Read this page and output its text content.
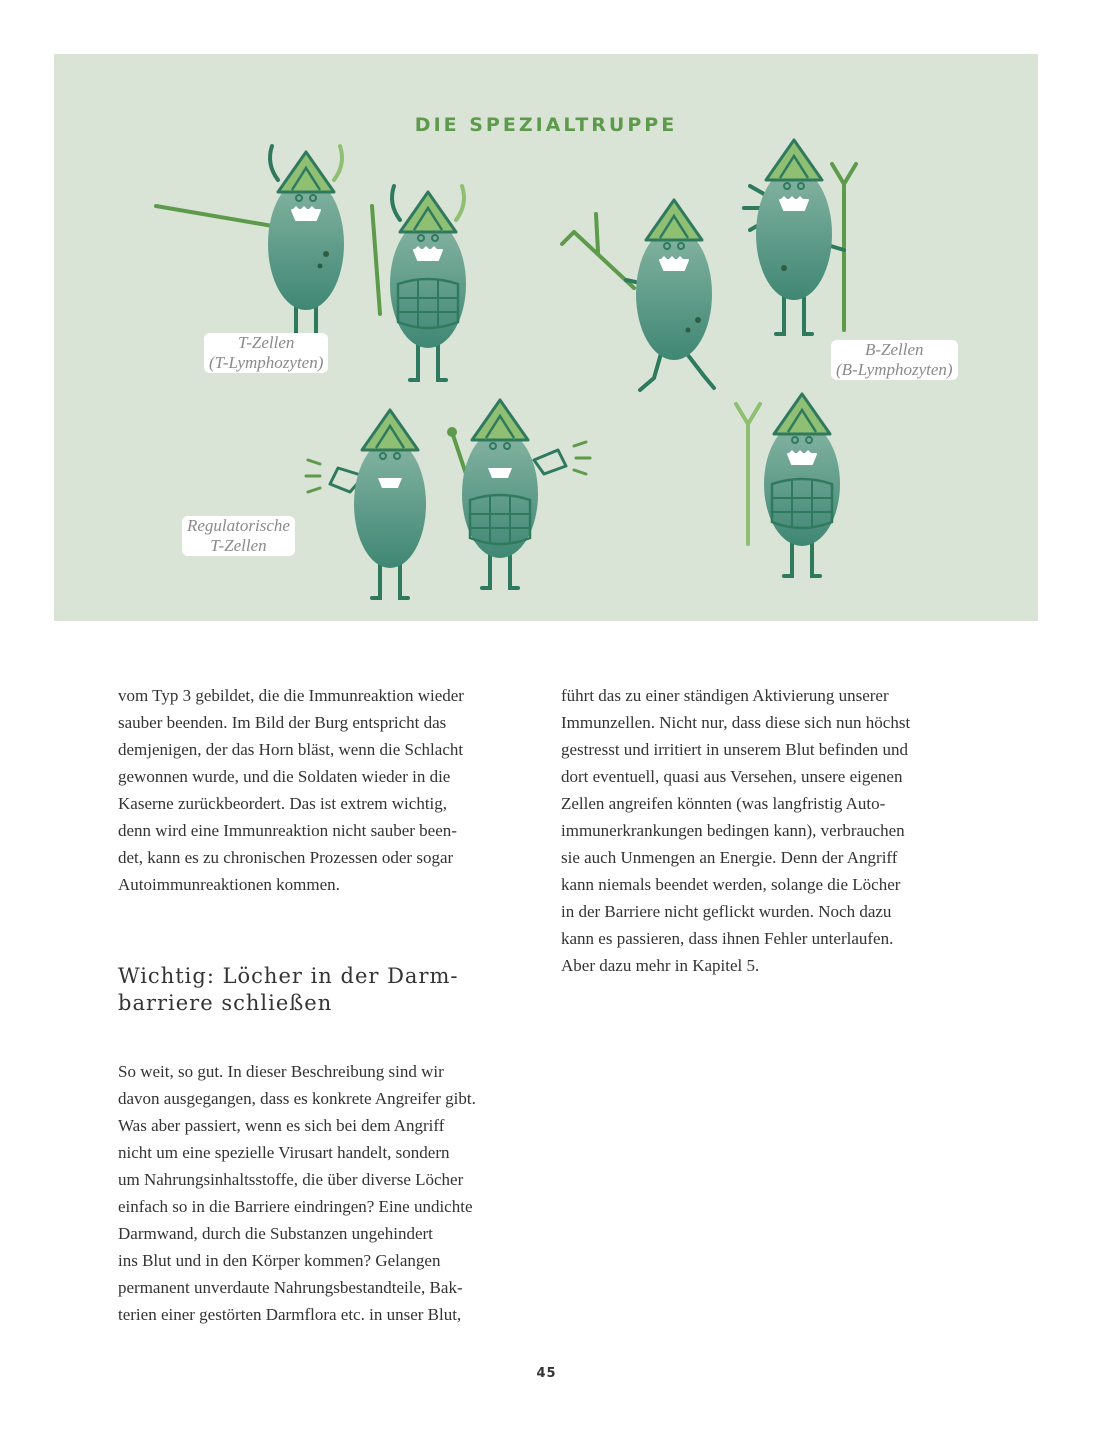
DIE SPEZIALTRUPPE
T-Zellen
(T-Lymphozyten)
B-Zellen
(B-Lymphozyten)
Regulatorische
T-Zellen

vom Typ 3 gebildet, die die Immunreaktion wieder
sauber beenden. Im Bild der Burg entspricht das
demjenigen, der das Horn bläst, wenn die Schlacht
gewonnen wurde, und die Soldaten wieder in die
Kaserne zurückbeordert. Das ist extrem wichtig,
denn wird eine Immunreaktion nicht sauber been-
det, kann es zu chronischen Prozessen oder sogar
Autoimmunreaktionen kommen.

Wichtig: Löcher in der Darm-
barriere schließen

So weit, so gut. In dieser Beschreibung sind wir
davon ausgegangen, dass es konkrete Angreifer gibt.
Was aber passiert, wenn es sich bei dem Angriff
nicht um eine spezielle Virusart handelt, sondern
um Nahrungsinhaltsstoffe, die über diverse Löcher
einfach so in die Barriere eindringen? Eine undichte
Darmwand, durch die Substanzen ungehindert
ins Blut und in den Körper kommen? Gelangen
permanent unverdaute Nahrungsbestandteile, Bak-
terien einer gestörten Darmflora etc. in unser Blut,

führt das zu einer ständigen Aktivierung unserer
Immunzellen. Nicht nur, dass diese sich nun höchst
gestresst und irritiert in unserem Blut befinden und
dort eventuell, quasi aus Versehen, unsere eigenen
Zellen angreifen könnten (was langfristig Auto-
immunerkrankungen bedingen kann), verbrauchen
sie auch Unmengen an Energie. Denn der Angriff
kann niemals beendet werden, solange die Löcher
in der Barriere nicht geflickt wurden. Noch dazu
kann es passieren, dass ihnen Fehler unterlaufen.
Aber dazu mehr in Kapitel 5.

45
